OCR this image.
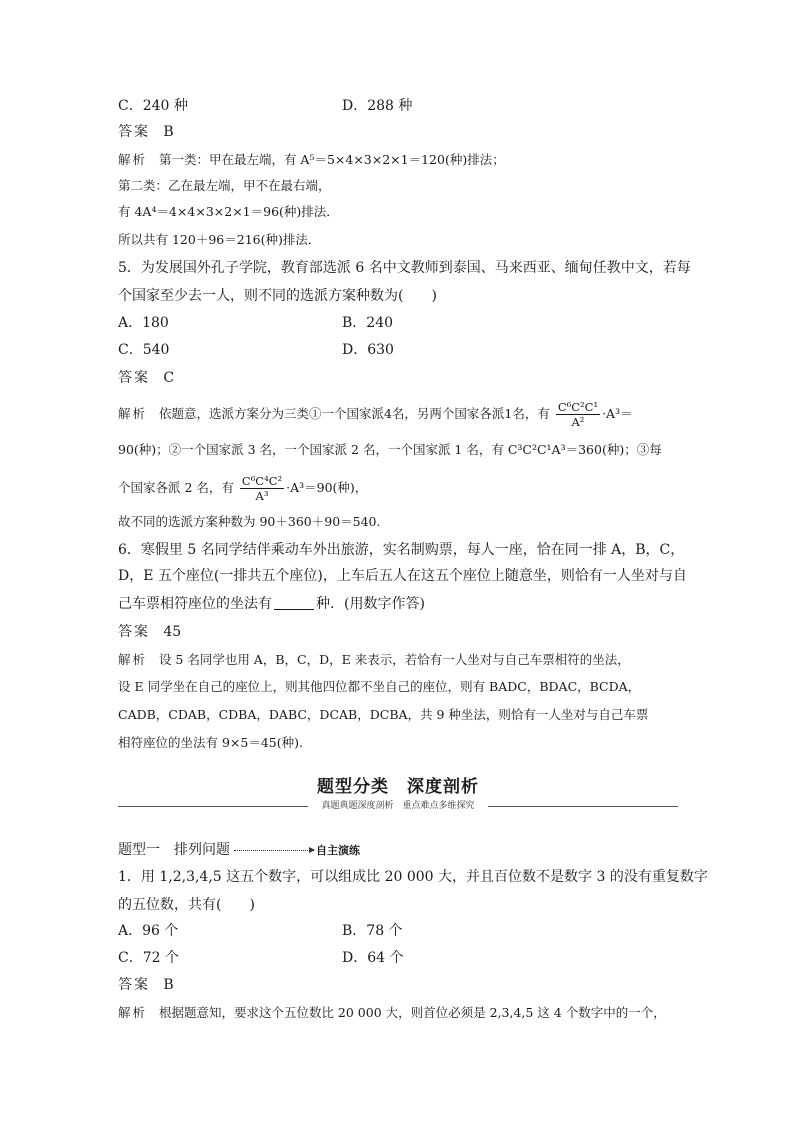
C．240 种	D．288 种
答案 B
解析 第一类：甲在最左端，有 A⁵＝5×4×3×2×1＝120(种)排法；
第二类：乙在最左端，甲不在最右端，
有 4A⁴＝4×4×3×2×1＝96(种)排法．
所以共有 120＋96＝216(种)排法．
5．为发展国外孔子学院，教育部选派 6 名中文教师到泰国、马来西亚、缅甸任教中文，若每
个国家至少去一人，则不同的选派方案种数为(　　)
A．180	B．240
C．540	D．630
答案 C
解析 依题意，选派方案分为三类①一个国家派4名，另两个国家各派1名，有 $\frac{\text{C⁶C²C¹}}{\text{A²}} \cdot A^3=$
90(种)；②一个国家派 3 名，一个国家派 2 名，一个国家派 1 名，有 C³C²C¹A³＝360(种)；③每
个国家各派 2 名，有 $\frac{\text{C⁶C⁴C²}}{\text{A³}} \cdot A^3=90$(种)，
故不同的选派方案种数为 90＋360＋90＝540.
6．寒假里 5 名同学结伴乘动车外出旅游，实名制购票，每人一座，恰在同一排 A，B，C，
D，E 五个座位(一排共五个座位)，上车后五人在这五个座位上随意坐，则恰有一人坐对与自
己车票相符座位的坐法有	种．(用数字作答)
答案 45
解析 设 5 名同学也用 A，B，C，D，E 来表示，若恰有一人坐对与自己车票相符的坐法，
设 E 同学坐在自己的座位上，则其他四位都不坐自己的座位，则有 BADC，BDAC，BCDA，
CADB，CDAB，CDBA，DABC，DCAB，DCBA，共 9 种坐法，则恰有一人坐对与自己车票
相符座位的坐法有 9×5＝45(种).
题型分类　深度剖析
真题典题深度剖析　重点难点多维探究
题型一　排列问题	自主演练
1．用 1,2,3,4,5 这五个数字，可以组成比 20 000 大，并且百位数不是数字 3 的没有重复数字
的五位数，共有(　　)
A．96 个	B．78 个
C．72 个	D．64 个
答案 B
解析 根据题意知，要求这个五位数比 20 000 大，则首位必须是 2,3,4,5 这 4 个数字中的一个，
